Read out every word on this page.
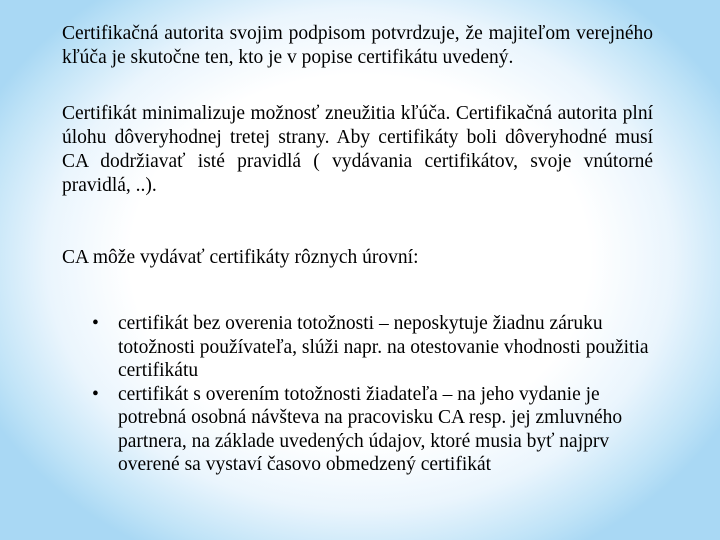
Certifikačná autorita svojim podpisom potvrdzuje, že majiteľom verejného kľúča je skutočne ten, kto je v popise certifikátu uvedený.

Certifikát minimalizuje možnosť zneužitia kľúča. Certifikačná autorita plní úlohu dôveryhodnej tretej strany. Aby certifikáty boli dôveryhodné musí CA dodržiavať isté pravidlá ( vydávania certifikátov, svoje vnútorné pravidlá, ..).

CA môže vydávať certifikáty rôznych úrovní:

• certifikát bez overenia totožnosti – neposkytuje žiadnu záruku totožnosti používateľa, slúži napr. na otestovanie vhodnosti použitia certifikátu
• certifikát s overením totožnosti žiadateľa – na jeho vydanie je potrebná osobná návšteva na pracovisku CA resp. jej zmluvného partnera, na základe uvedených údajov, ktoré musia byť najprv overené sa vystaví časovo obmedzený certifikát
